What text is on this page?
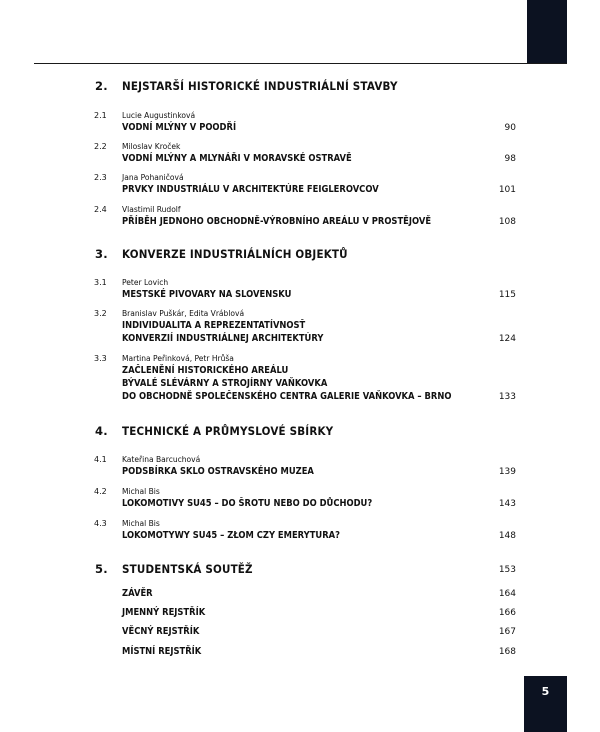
2. NEJSTARŠÍ HISTORICKÉ INDUSTRIÁLNÍ STAVBY
2.1 Lucie Augustinková
VODNÍ MLÝNY V POODŘÍ	90
2.2 Miloslav Kroček
VODNÍ MLÝNY A MLYNÁŘI V MORAVSKÉ OSTRAVĚ	98
2.3 Jana Pohaničová
PRVKY INDUSTRIÁLU V ARCHITEKTÚRE FEIGLEROVCOV	101
2.4 Vlastimil Rudolf
PŘÍBĚH JEDNOHO OBCHODNĚ-VÝROBNÍHO AREÁLU V PROSTĚJOVĚ	108
3. KONVERZE INDUSTRIÁLNÍCH OBJEKTŮ
3.1 Peter Lovich
MESTSKÉ PIVOVARY NA SLOVENSKU	115
3.2 Branislav Puškár, Edita Vráblová
INDIVIDUALITA A REPREZENTATÍVNOSŤ
KONVERZIÍ INDUSTRIÁLNEJ ARCHITEKTÚRY	124
3.3 Martina Peřinková, Petr Hrůša
ZAČLENĚNÍ HISTORICKÉHO AREÁLU
BÝVALÉ SLÉVÁRNY A STROJÍRNY VAŇKOVKA
DO OBCHODNĚ SPOLEČENSKÉHO CENTRA GALERIE VAŇKOVKA – BRNO	133
4. TECHNICKÉ A PRŮMYSLOVÉ SBÍRKY
4.1 Kateřina Barcuchová
PODSBÍRKA SKLO OSTRAVSKÉHO MUZEA	139
4.2 Michal Bis
LOKOMOTIVY SU45 – DO ŠROTU NEBO DO DŮCHODU?	143
4.3 Michal Bis
LOKOMOTYWY SU45 – ZŁOM CZY EMERYTURA?	148
5. STUDENTSKÁ SOUTĚŽ	153
ZÁVĚR	164
JMENNÝ REJSTŘÍK	166
VĚCNÝ REJSTŘÍK	167
MÍSTNÍ REJSTŘÍK	168
5
